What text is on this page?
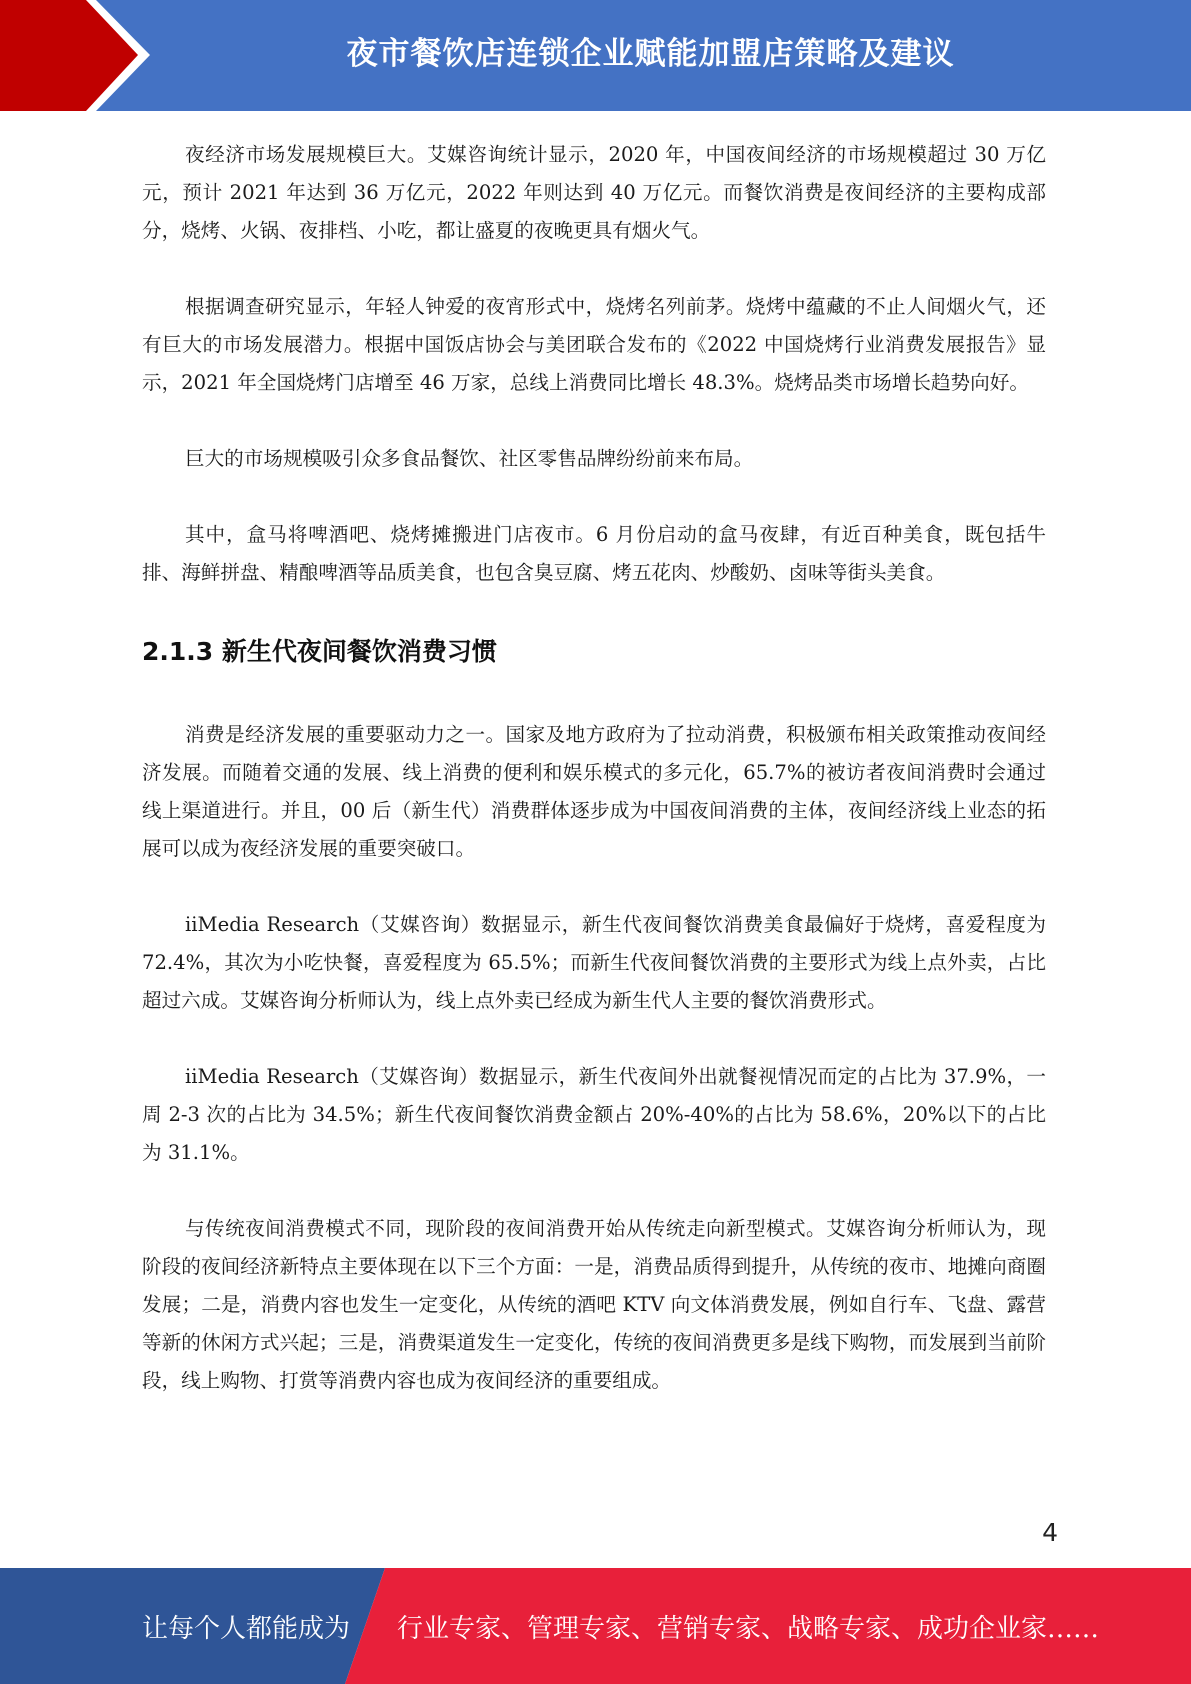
夜市餐饮店连锁企业赋能加盟店策略及建议

夜经济市场发展规模巨大。艾媒咨询统计显示，2020 年，中国夜间经济的市场规模超过 30 万亿元，预计 2021 年达到 36 万亿元，2022 年则达到 40 万亿元。而餐饮消费是夜间经济的主要构成部分，烧烤、火锅、夜排档、小吃，都让盛夏的夜晚更具有烟火气。

根据调查研究显示，年轻人钟爱的夜宵形式中，烧烤名列前茅。烧烤中蕴藏的不止人间烟火气，还有巨大的市场发展潜力。根据中国饭店协会与美团联合发布的《2022 中国烧烤行业消费发展报告》显示，2021 年全国烧烤门店增至 46 万家，总线上消费同比增长 48.3%。烧烤品类市场增长趋势向好。

巨大的市场规模吸引众多食品餐饮、社区零售品牌纷纷前来布局。

其中，盒马将啤酒吧、烧烤摊搬进门店夜市。6 月份启动的盒马夜肆，有近百种美食，既包括牛排、海鲜拼盘、精酿啤酒等品质美食，也包含臭豆腐、烤五花肉、炒酸奶、卤味等街头美食。

2.1.3 新生代夜间餐饮消费习惯

消费是经济发展的重要驱动力之一。国家及地方政府为了拉动消费，积极颁布相关政策推动夜间经济发展。而随着交通的发展、线上消费的便利和娱乐模式的多元化，65.7%的被访者夜间消费时会通过线上渠道进行。并且，00 后（新生代）消费群体逐步成为中国夜间消费的主体，夜间经济线上业态的拓展可以成为夜经济发展的重要突破口。

iiMedia Research（艾媒咨询）数据显示，新生代夜间餐饮消费美食最偏好于烧烤，喜爱程度为 72.4%，其次为小吃快餐，喜爱程度为 65.5%；而新生代夜间餐饮消费的主要形式为线上点外卖，占比超过六成。艾媒咨询分析师认为，线上点外卖已经成为新生代人主要的餐饮消费形式。

iiMedia Research（艾媒咨询）数据显示，新生代夜间外出就餐视情况而定的占比为 37.9%，一周 2-3 次的占比为 34.5%；新生代夜间餐饮消费金额占 20%-40%的占比为 58.6%，20%以下的占比为 31.1%。

与传统夜间消费模式不同，现阶段的夜间消费开始从传统走向新型模式。艾媒咨询分析师认为，现阶段的夜间经济新特点主要体现在以下三个方面：一是，消费品质得到提升，从传统的夜市、地摊向商圈发展；二是，消费内容也发生一定变化，从传统的酒吧 KTV 向文体消费发展，例如自行车、飞盘、露营等新的休闲方式兴起；三是，消费渠道发生一定变化，传统的夜间消费更多是线下购物，而发展到当前阶段，线上购物、打赏等消费内容也成为夜间经济的重要组成。

4
让每个人都能成为 行业专家、管理专家、营销专家、战略专家、成功企业家……
